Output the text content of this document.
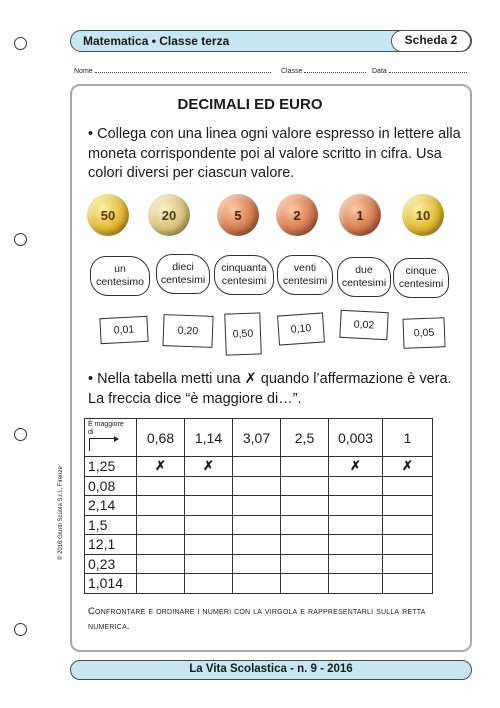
Matematica • Classe terza	Scheda 2
Nome	Classe	Data
DECIMALI ED EURO
• Collega con una linea ogni valore espresso in lettere alla moneta corrispondente poi al valore scritto in cifra. Usa colori diversi per ciascun valore.
50	20	5	2	1	10
un
centesimo
dieci
centesimi
cinquanta
centesimi
venti
centesimi
due
centesimi
cinque
centesimi
0,01	0,20	0,50	0,10	0,02
0,05
• Nella tabella metti una ✗ quando l’affermazione è vera. La freccia dice “è maggiore di…”.
È maggiore
di	0,68	1,14	3,07	2,5	0,003	1
1,25	✗	✗			✗	✗
0,08						
2,14						
1,5						
12,1						
0,23						
1,014						
Confrontare e ordinare i numeri con la virgola e rappresentarli sulla retta numerica.
© 2016 Giunti Scuola S.r.l., Firenze
La Vita Scolastica - n. 9 - 2016
